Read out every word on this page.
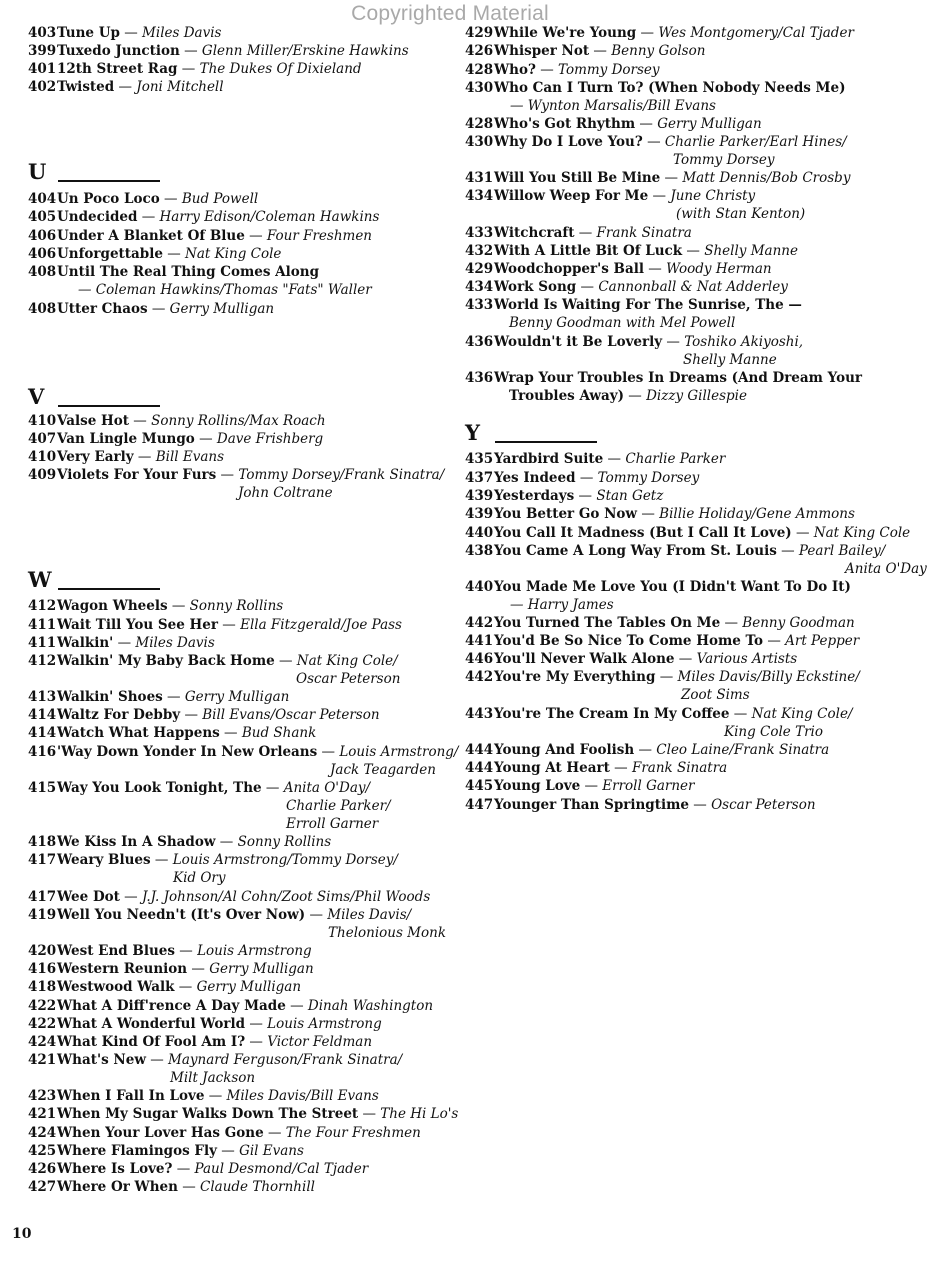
Copyrighted Material
403Tune Up — Miles Davis
399Tuxedo Junction — Glenn Miller/Erskine Hawkins
40112th Street Rag — The Dukes Of Dixieland
402Twisted — Joni Mitchell
U
404Un Poco Loco — Bud Powell
405Undecided — Harry Edison/Coleman Hawkins
406Under A Blanket Of Blue — Four Freshmen
406Unforgettable — Nat King Cole
408Until The Real Thing Comes Along
— Coleman Hawkins/Thomas "Fats" Waller
408Utter Chaos — Gerry Mulligan
V
410Valse Hot — Sonny Rollins/Max Roach
407Van Lingle Mungo — Dave Frishberg
410Very Early — Bill Evans
409Violets For Your Furs — Tommy Dorsey/Frank Sinatra/
John Coltrane
W
412Wagon Wheels — Sonny Rollins
411Wait Till You See Her — Ella Fitzgerald/Joe Pass
411Walkin' — Miles Davis
412Walkin' My Baby Back Home — Nat King Cole/
Oscar Peterson
413Walkin' Shoes — Gerry Mulligan
414Waltz For Debby — Bill Evans/Oscar Peterson
414Watch What Happens — Bud Shank
416'Way Down Yonder In New Orleans — Louis Armstrong/
Jack Teagarden
415Way You Look Tonight, The — Anita O'Day/
Charlie Parker/
Erroll Garner
418We Kiss In A Shadow — Sonny Rollins
417Weary Blues — Louis Armstrong/Tommy Dorsey/
Kid Ory
417Wee Dot — J.J. Johnson/Al Cohn/Zoot Sims/Phil Woods
419Well You Needn't (It's Over Now) — Miles Davis/
Thelonious Monk
420West End Blues — Louis Armstrong
416Western Reunion — Gerry Mulligan
418Westwood Walk — Gerry Mulligan
422What A Diff'rence A Day Made — Dinah Washington
422What A Wonderful World — Louis Armstrong
424What Kind Of Fool Am I? — Victor Feldman
421What's New — Maynard Ferguson/Frank Sinatra/
Milt Jackson
423When I Fall In Love — Miles Davis/Bill Evans
421When My Sugar Walks Down The Street — The Hi Lo's
424When Your Lover Has Gone — The Four Freshmen
425Where Flamingos Fly — Gil Evans
426Where Is Love? — Paul Desmond/Cal Tjader
427Where Or When — Claude Thornhill
429While We're Young — Wes Montgomery/Cal Tjader
426Whisper Not — Benny Golson
428Who? — Tommy Dorsey
430Who Can I Turn To? (When Nobody Needs Me)
— Wynton Marsalis/Bill Evans
428Who's Got Rhythm — Gerry Mulligan
430Why Do I Love You? — Charlie Parker/Earl Hines/
Tommy Dorsey
431Will You Still Be Mine — Matt Dennis/Bob Crosby
434Willow Weep For Me — June Christy
(with Stan Kenton)
433Witchcraft — Frank Sinatra
432With A Little Bit Of Luck — Shelly Manne
429Woodchopper's Ball — Woody Herman
434Work Song — Cannonball & Nat Adderley
433World Is Waiting For The Sunrise, The —
Benny Goodman with Mel Powell
436Wouldn't it Be Loverly — Toshiko Akiyoshi,
Shelly Manne
436Wrap Your Troubles In Dreams (And Dream Your
Troubles Away) — Dizzy Gillespie
Y
435Yardbird Suite — Charlie Parker
437Yes Indeed — Tommy Dorsey
439Yesterdays — Stan Getz
439You Better Go Now — Billie Holiday/Gene Ammons
440You Call It Madness (But I Call It Love) — Nat King Cole
438You Came A Long Way From St. Louis — Pearl Bailey/
Anita O'Day
440You Made Me Love You (I Didn't Want To Do It)
— Harry James
442You Turned The Tables On Me — Benny Goodman
441You'd Be So Nice To Come Home To — Art Pepper
446You'll Never Walk Alone — Various Artists
442You're My Everything — Miles Davis/Billy Eckstine/
Zoot Sims
443You're The Cream In My Coffee — Nat King Cole/
King Cole Trio
444Young And Foolish — Cleo Laine/Frank Sinatra
444Young At Heart — Frank Sinatra
445Young Love — Erroll Garner
447Younger Than Springtime — Oscar Peterson
10
